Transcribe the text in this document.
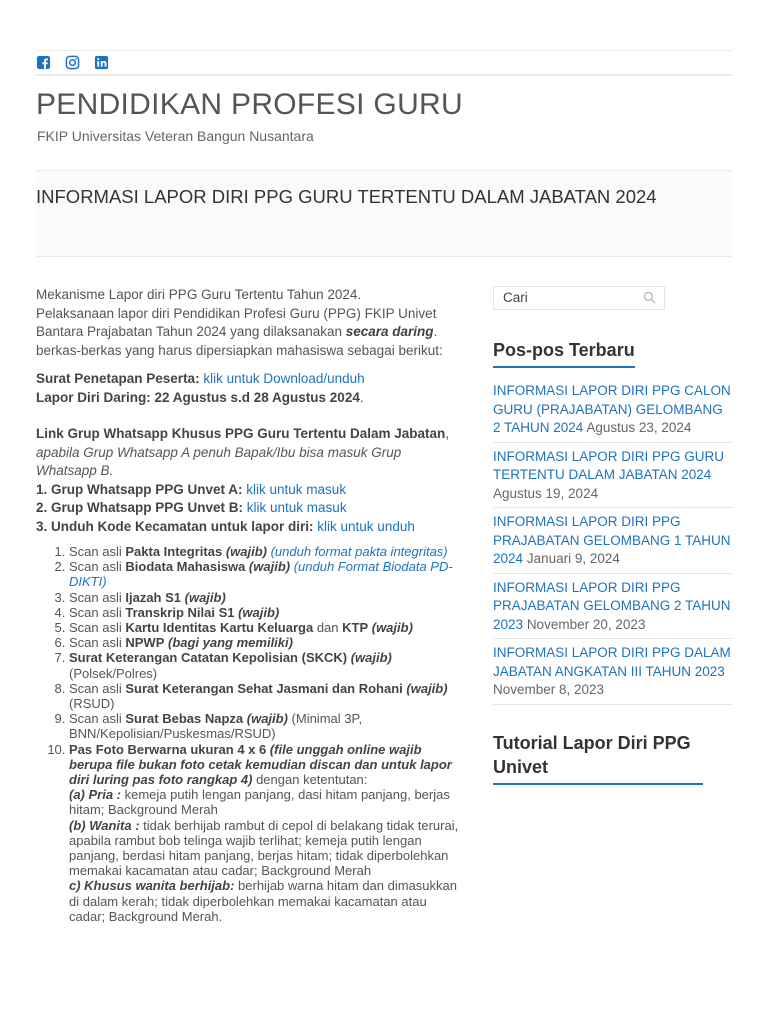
PENDIDIKAN PROFESI GURU
FKIP Universitas Veteran Bangun Nusantara
INFORMASI LAPOR DIRI PPG GURU TERTENTU DALAM JABATAN 2024

Mekanisme Lapor diri PPG Guru Tertentu Tahun 2024.
Pelaksanaan lapor diri Pendidikan Profesi Guru (PPG) FKIP Univet Bantara Prajabatan Tahun 2024 yang dilaksanakan secara daring. berkas-berkas yang harus dipersiapkan mahasiswa sebagai berikut:

Surat Penetapan Peserta: klik untuk Download/unduh
Lapor Diri Daring: 22 Agustus s.d 28 Agustus 2024.

Link Grup Whatsapp Khusus PPG Guru Tertentu Dalam Jabatan,
apabila Grup Whatsapp A penuh Bapak/Ibu bisa masuk Grup Whatsapp B.
1. Grup Whatsapp PPG Unvet A: klik untuk masuk
2. Grup Whatsapp PPG Unvet B: klik untuk masuk
3. Unduh Kode Kecamatan untuk lapor diri: klik untuk unduh

1. Scan asli Pakta Integritas (wajib) (unduh format pakta integritas)
2. Scan asli Biodata Mahasiswa (wajib) (unduh Format Biodata PD-DIKTI)
3. Scan asli Ijazah S1 (wajib)
4. Scan asli Transkrip Nilai S1 (wajib)
5. Scan asli Kartu Identitas Kartu Keluarga dan KTP (wajib)
6. Scan asli NPWP (bagi yang memiliki)
7. Surat Keterangan Catatan Kepolisian (SKCK) (wajib) (Polsek/Polres)
8. Scan asli Surat Keterangan Sehat Jasmani dan Rohani (wajib) (RSUD)
9. Scan asli Surat Bebas Napza (wajib) (Minimal 3P, BNN/Kepolisian/Puskesmas/RSUD)
10. Pas Foto Berwarna ukuran 4 x 6 (file unggah online wajib berupa file bukan foto cetak kemudian discan dan untuk lapor diri luring pas foto rangkap 4) dengan ketentutan:
(a) Pria : kemeja putih lengan panjang, dasi hitam panjang, berjas hitam; Background Merah
(b) Wanita : tidak berhijab rambut di cepol di belakang tidak terurai, apabila rambut bob telinga wajib terlihat; kemeja putih lengan panjang, berdasi hitam panjang, berjas hitam; tidak diperbolehkan memakai kacamatan atau cadar; Background Merah
c) Khusus wanita berhijab: berhijab warna hitam dan dimasukkan di dalam kerah; tidak diperbolehkan memakai kacamatan atau cadar; Background Merah.
Cari
Pos-pos Terbaru
INFORMASI LAPOR DIRI PPG CALON GURU (PRAJABATAN) GELOMBANG 2 TAHUN 2024 Agustus 23, 2024
INFORMASI LAPOR DIRI PPG GURU TERTENTU DALAM JABATAN 2024 Agustus 19, 2024
INFORMASI LAPOR DIRI PPG PRAJABATAN GELOMBANG 1 TAHUN 2024 Januari 9, 2024
INFORMASI LAPOR DIRI PPG PRAJABATAN GELOMBANG 2 TAHUN 2023 November 20, 2023
INFORMASI LAPOR DIRI PPG DALAM JABATAN ANGKATAN III TAHUN 2023 November 8, 2023
Tutorial Lapor Diri PPG Univet
